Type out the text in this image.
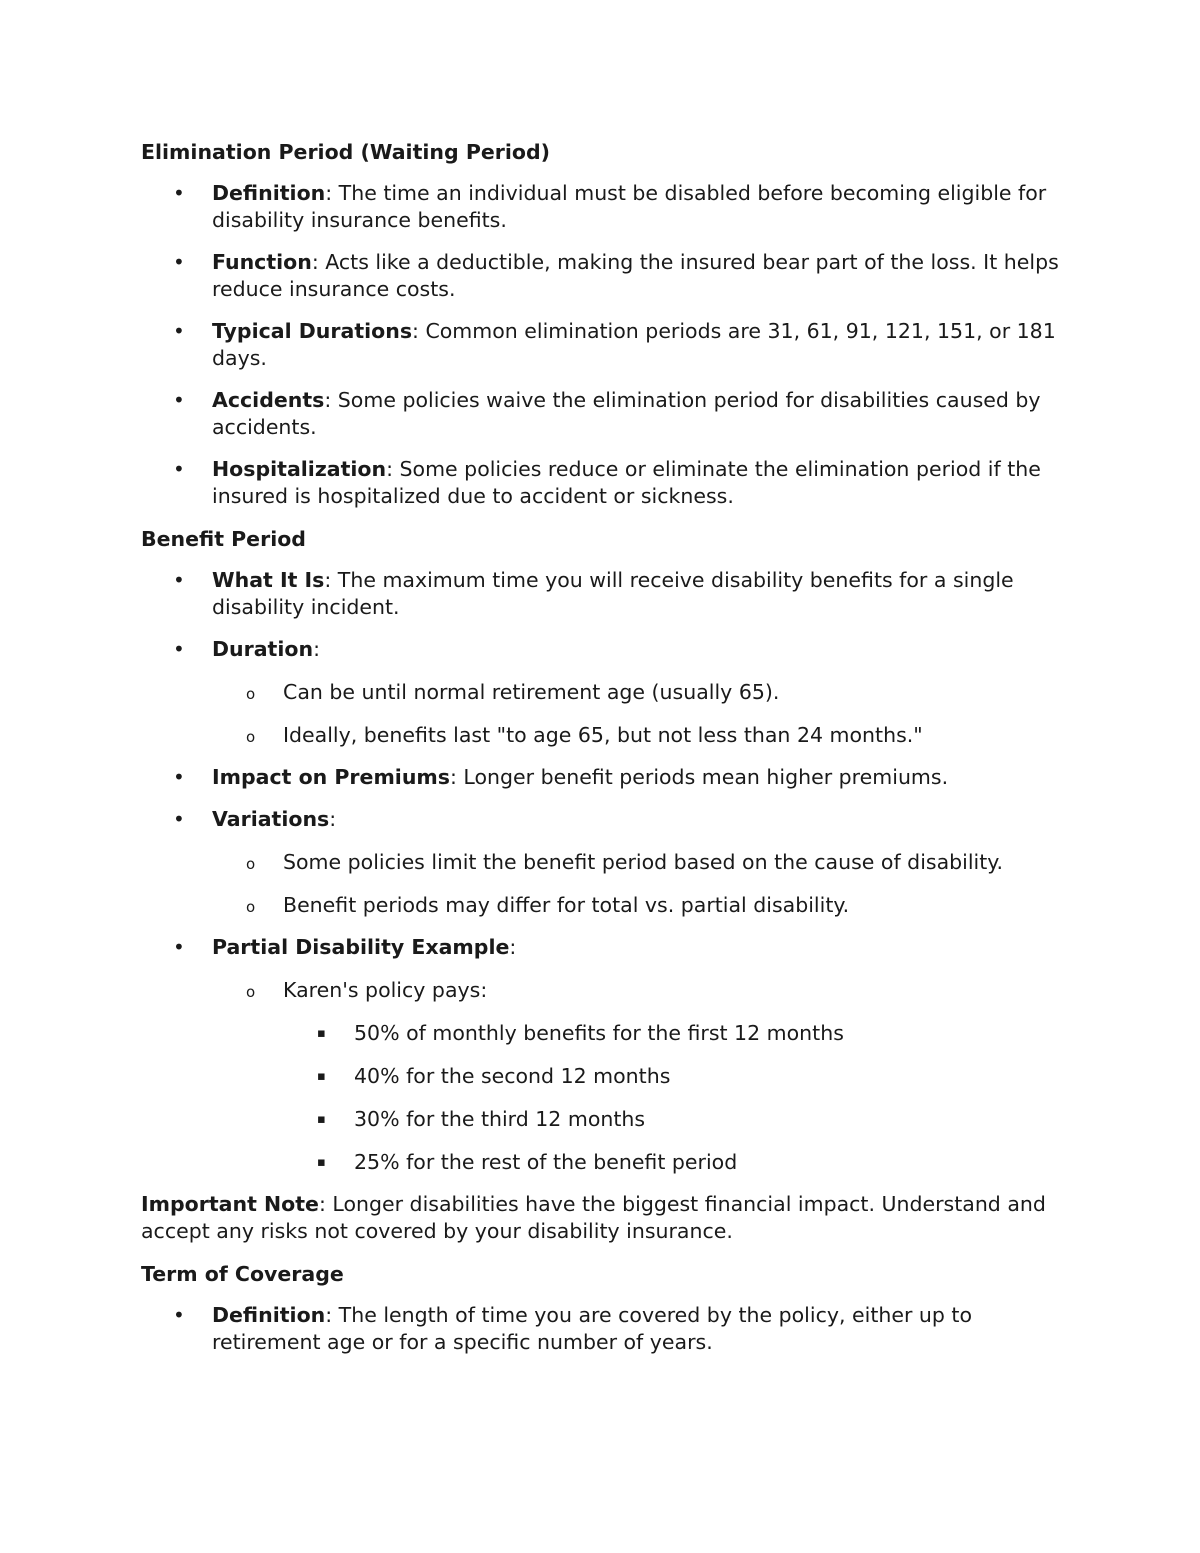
Elimination Period (Waiting Period)
• Definition: The time an individual must be disabled before becoming eligible for disability insurance benefits.
• Function: Acts like a deductible, making the insured bear part of the loss. It helps reduce insurance costs.
• Typical Durations: Common elimination periods are 31, 61, 91, 121, 151, or 181 days.
• Accidents: Some policies waive the elimination period for disabilities caused by accidents.
• Hospitalization: Some policies reduce or eliminate the elimination period if the insured is hospitalized due to accident or sickness.
Benefit Period
• What It Is: The maximum time you will receive disability benefits for a single disability incident.
• Duration:
o Can be until normal retirement age (usually 65).
o Ideally, benefits last "to age 65, but not less than 24 months."
• Impact on Premiums: Longer benefit periods mean higher premiums.
• Variations:
o Some policies limit the benefit period based on the cause of disability.
o Benefit periods may differ for total vs. partial disability.
• Partial Disability Example:
o Karen's policy pays:
▪ 50% of monthly benefits for the first 12 months
▪ 40% for the second 12 months
▪ 30% for the third 12 months
▪ 25% for the rest of the benefit period

Important Note: Longer disabilities have the biggest financial impact. Understand and accept any risks not covered by your disability insurance.

Term of Coverage
• Definition: The length of time you are covered by the policy, either up to retirement age or for a specific number of years.
